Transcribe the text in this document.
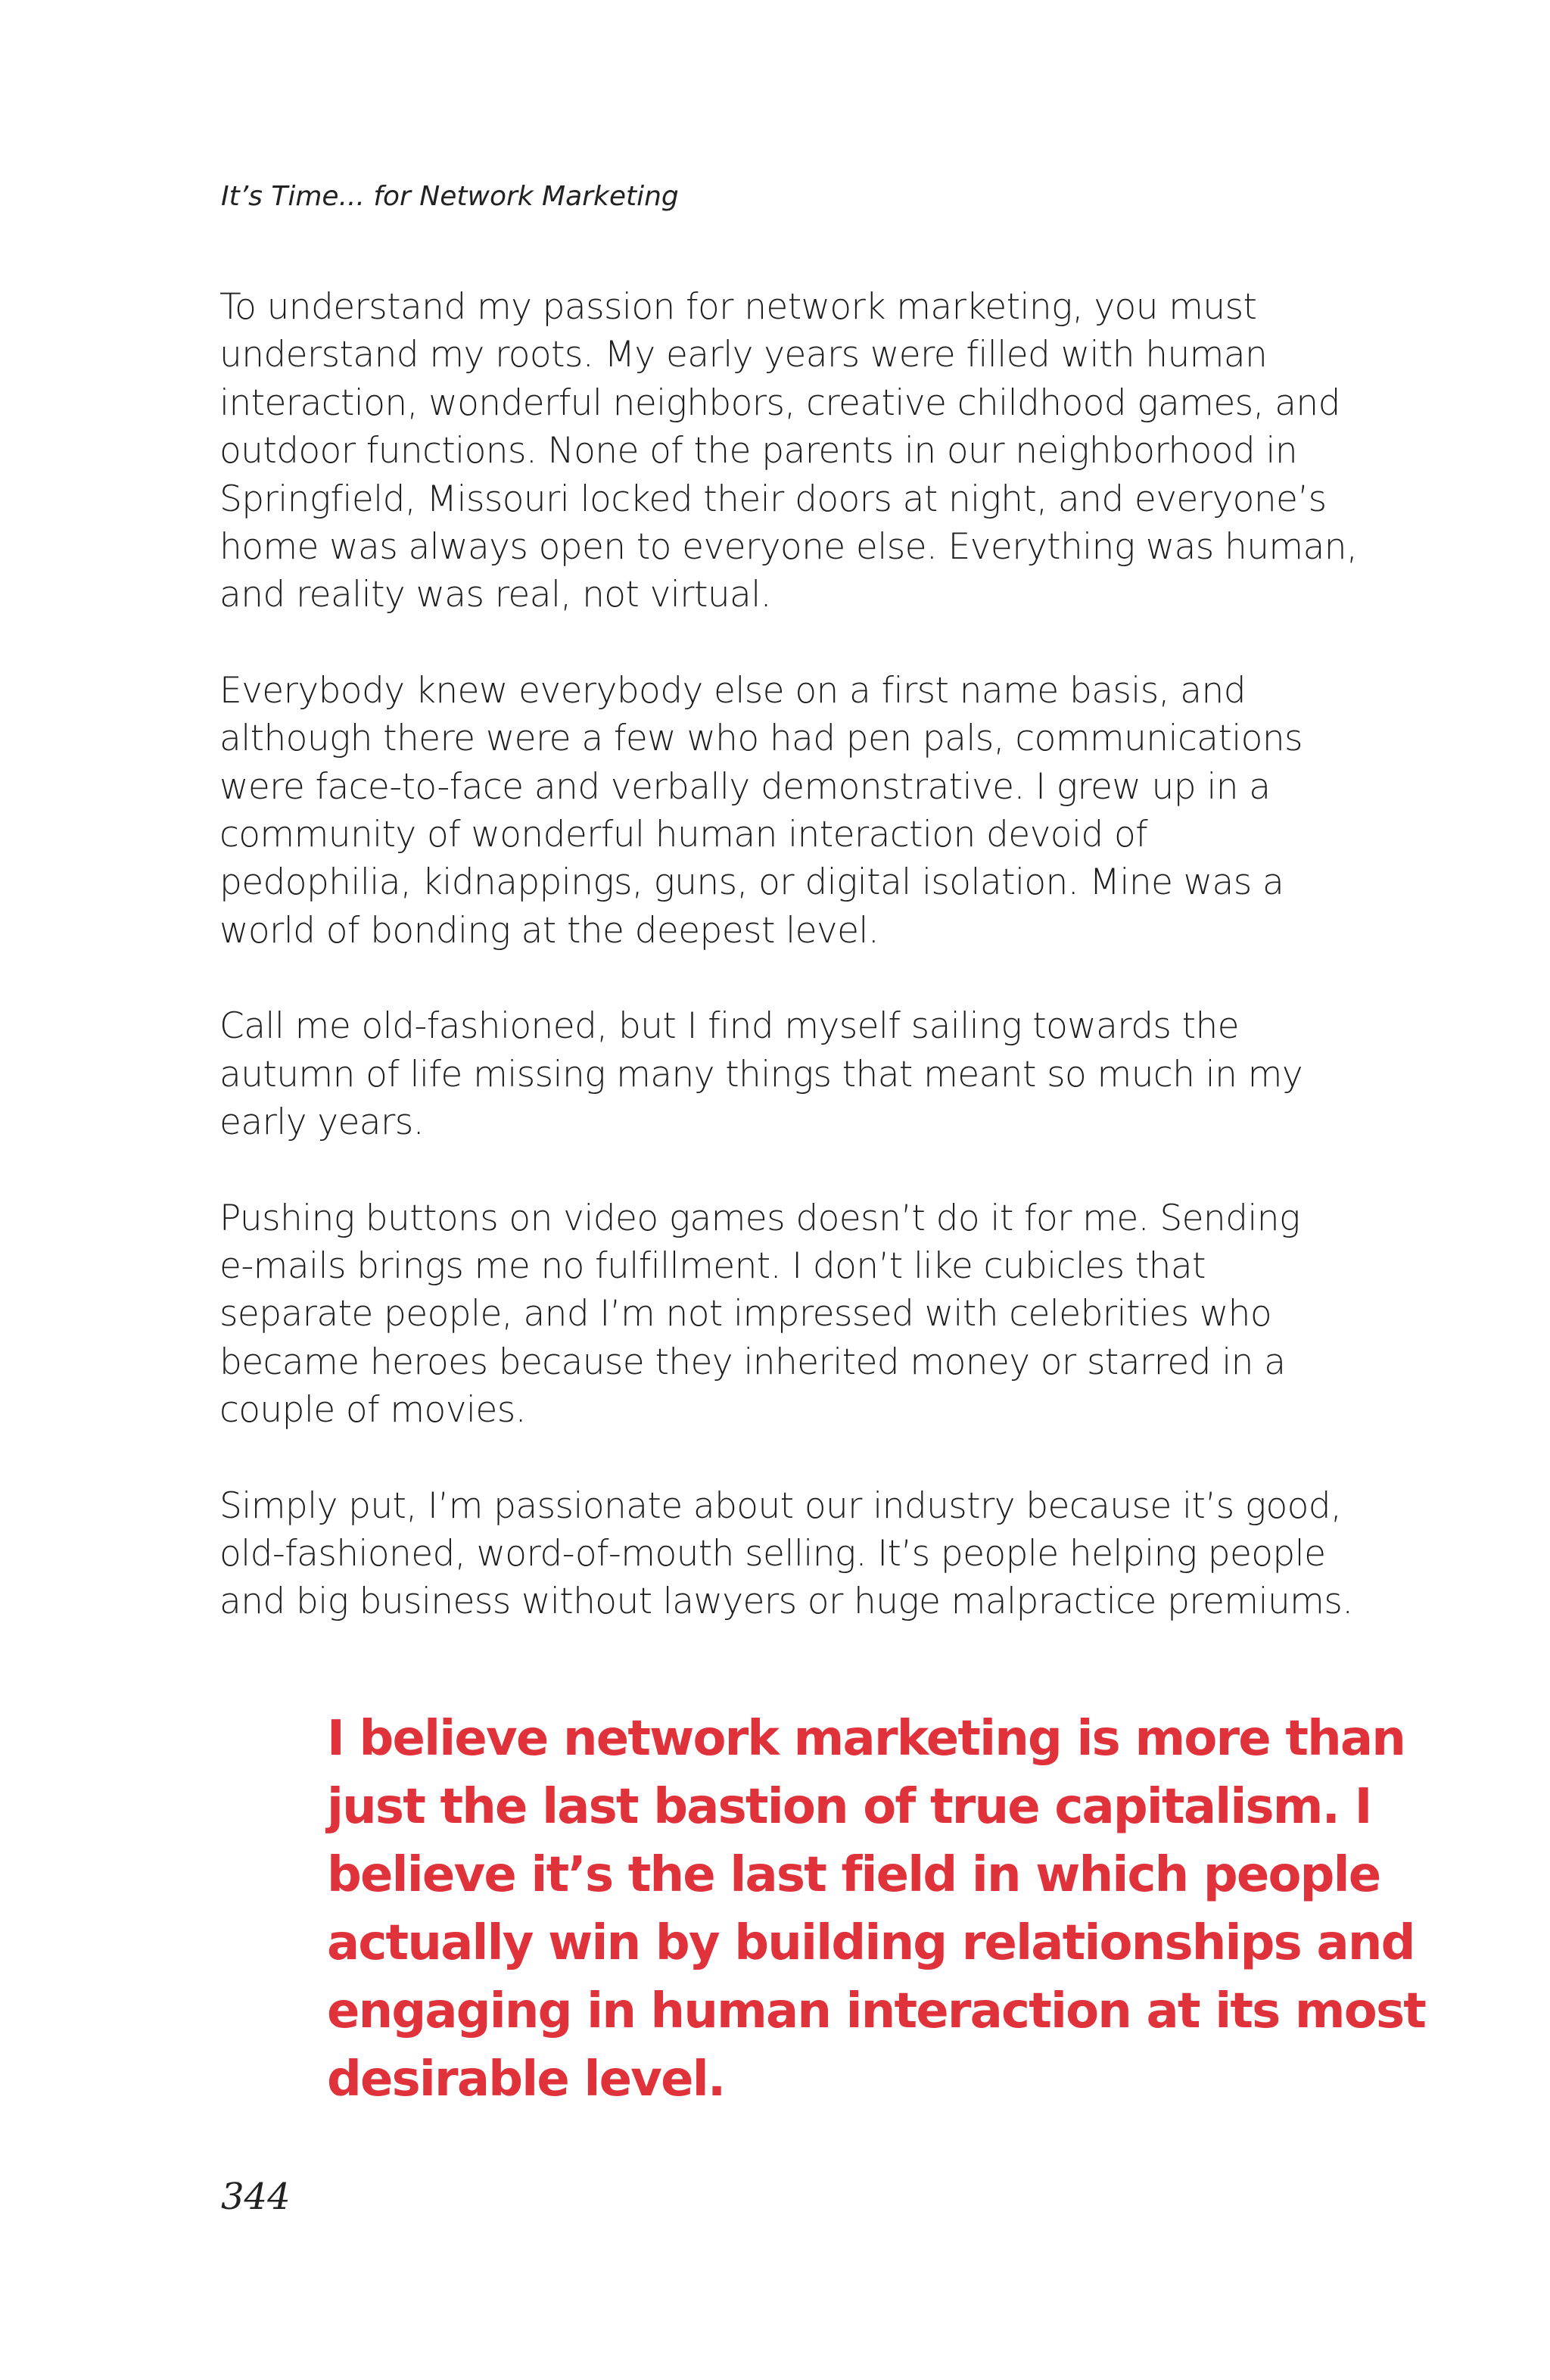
It’s Time... for Network Marketing
To understand my passion for network marketing, you must
understand my roots. My early years were filled with human
interaction, wonderful neighbors, creative childhood games, and
outdoor functions. None of the parents in our neighborhood in
Springfield, Missouri locked their doors at night, and everyone’s
home was always open to everyone else. Everything was human,
and reality was real, not virtual.
Everybody knew everybody else on a first name basis, and
although there were a few who had pen pals, communications
were face-to-face and verbally demonstrative. I grew up in a
community of wonderful human interaction devoid of
pedophilia, kidnappings, guns, or digital isolation. Mine was a
world of bonding at the deepest level.
Call me old-fashioned, but I find myself sailing towards the
autumn of life missing many things that meant so much in my
early years.
Pushing buttons on video games doesn’t do it for me. Sending
e-mails brings me no fulfillment. I don’t like cubicles that
separate people, and I’m not impressed with celebrities who
became heroes because they inherited money or starred in a
couple of movies.
Simply put, I’m passionate about our industry because it’s good,
old-fashioned, word-of-mouth selling. It’s people helping people
and big business without lawyers or huge malpractice premiums.
I believe network marketing is more than
just the last bastion of true capitalism. I
believe it’s the last field in which people
actually win by building relationships and
engaging in human interaction at its most
desirable level.
344
